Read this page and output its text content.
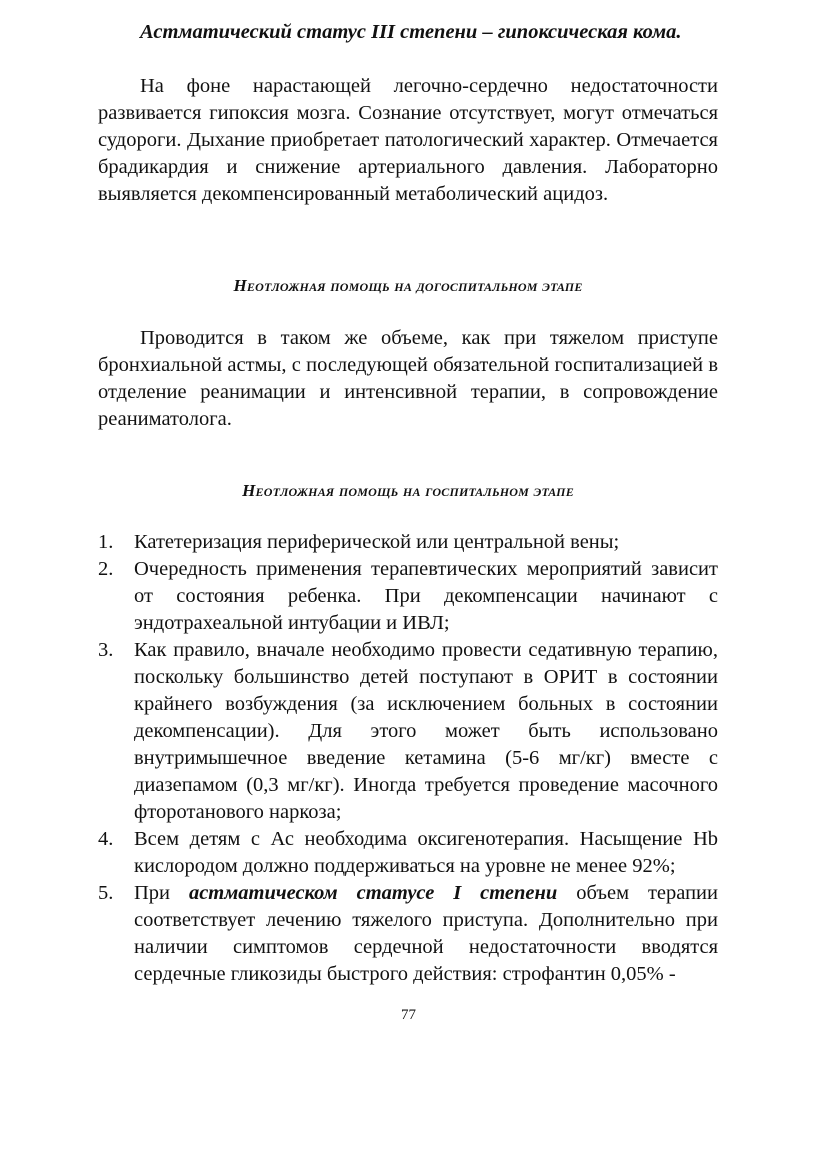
Астматический статус III степени – гипоксическая кома.
На фоне нарастающей легочно-сердечно недостаточности развивается гипоксия мозга. Сознание отсутствует, могут отмечаться судороги. Дыхание приобретает патологический характер. Отмечается брадикардия и снижение артериального давления. Лабораторно выявляется декомпенсированный метаболический ацидоз.
Неотложная помощь на догоспитальном этапе
Проводится в таком же объеме, как при тяжелом приступе бронхиальной астмы, с последующей обязательной госпитализацией в отделение реанимации и интенсивной терапии, в сопровождение реаниматолога.
Неотложная помощь на госпитальном этапе
1. Катетеризация периферической или центральной вены;
2. Очередность применения терапевтических мероприятий зависит от состояния ребенка. При декомпенсации начинают с эндотрахеальной интубации и ИВЛ;
3. Как правило, вначале необходимо провести седативную терапию, поскольку большинство детей поступают в ОРИТ в состоянии крайнего возбуждения (за исключением больных в состоянии декомпенсации). Для этого может быть использовано внутримышечное введение кетамина (5-6 мг/кг) вместе с диазепамом (0,3 мг/кг). Иногда требуется проведение масочного фторотанового наркоза;
4. Всем детям с Ас необходима оксигенотерапия. Насыщение Hb кислородом должно поддерживаться на уровне не менее 92%;
5. При астматическом статусе I степени объем терапии соответствует лечению тяжелого приступа. Дополнительно при наличии симптомов сердечной недостаточности вводятся сердечные гликозиды быстрого действия: строфантин 0,05% -
77
